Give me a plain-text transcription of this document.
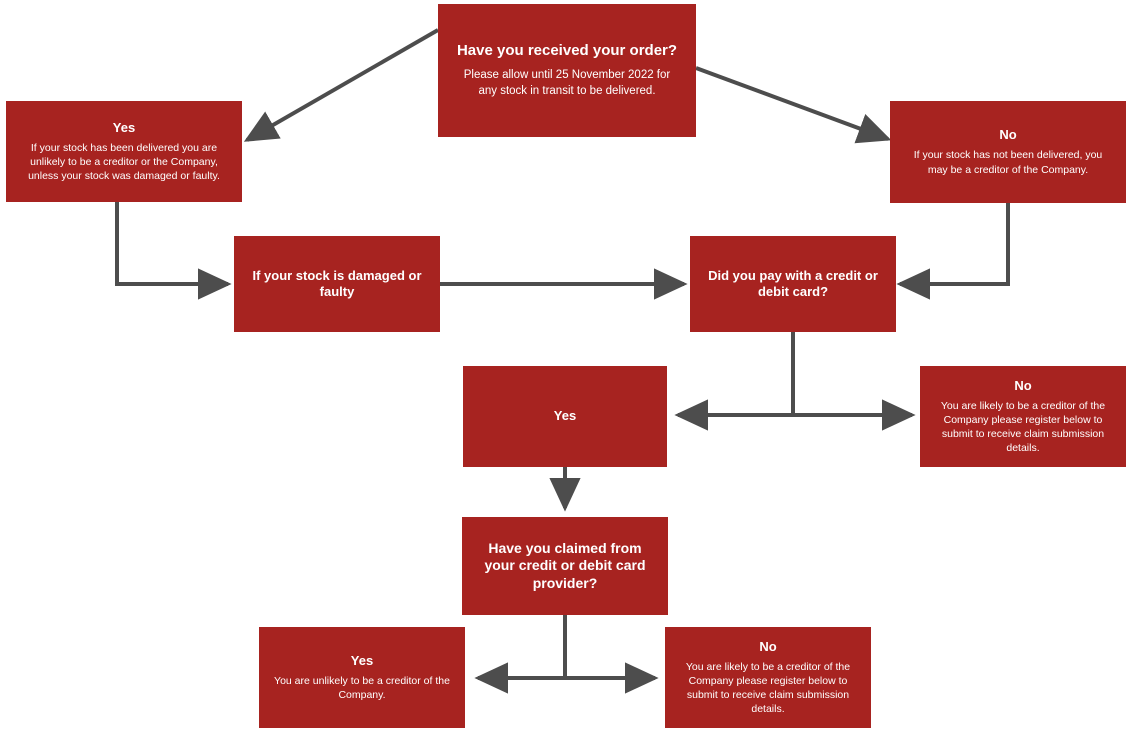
Have you received your order?
Please allow until 25 November 2022 for any stock in transit to be delivered.
Yes
If your stock has been delivered you are unlikely to be a creditor or the Company, unless your stock was damaged or faulty.
No
If your stock has not been delivered, you may be a creditor of the Company.
If your stock is damaged or faulty
Did you pay with a credit or debit card?
Yes
No
You are likely to be a creditor of the Company please register below to submit to receive claim submission details.
Have you claimed from your credit or debit card provider?
Yes
You are unlikely to be a creditor of the Company.
No
You are likely to be a creditor of the Company please register below to submit to receive claim submission details.
